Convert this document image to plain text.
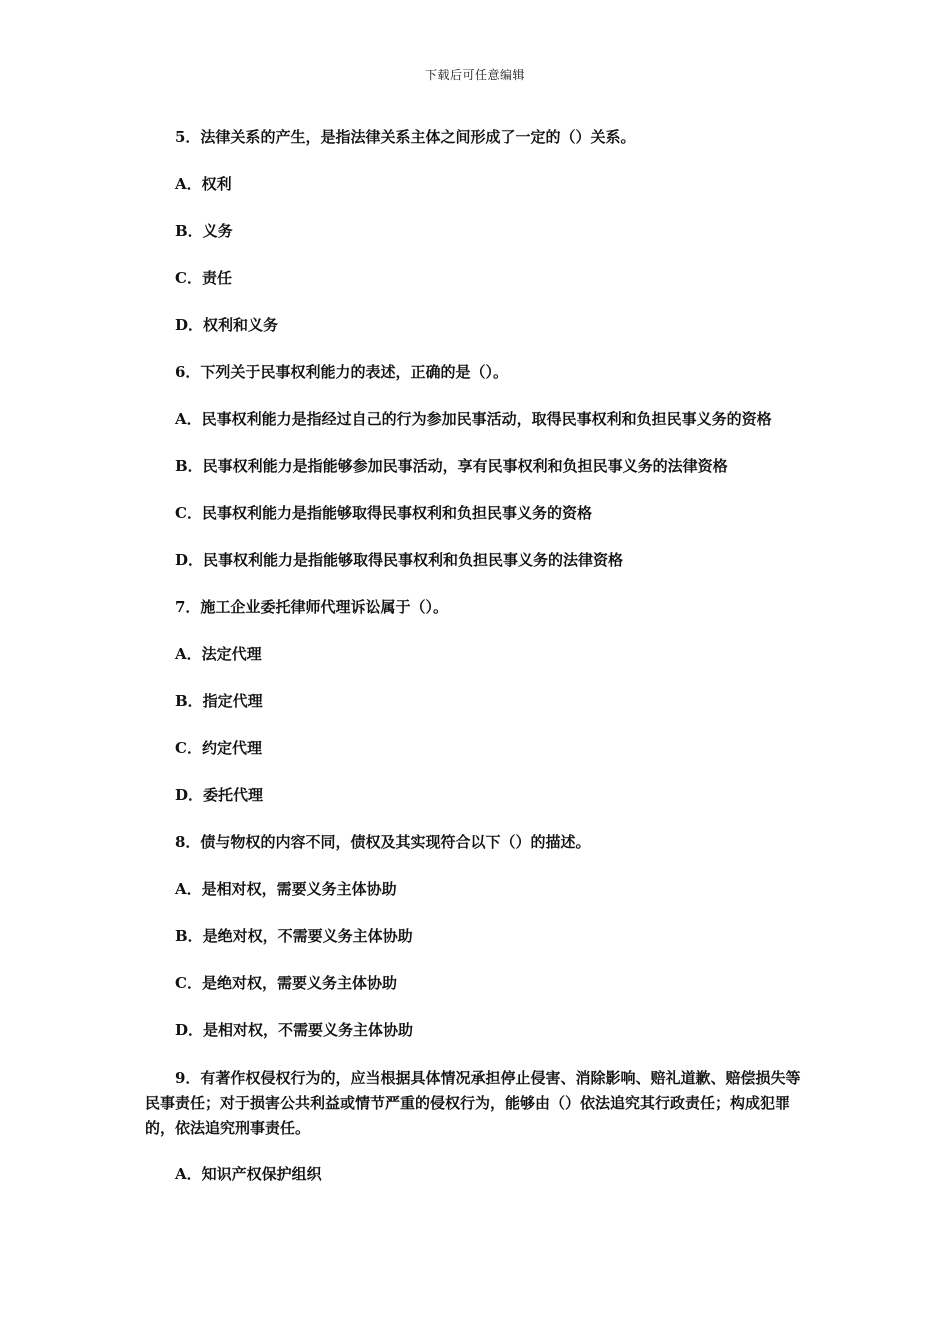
下载后可任意编辑
5．法律关系的产生，是指法律关系主体之间形成了一定的（）关系。
A．权利
B．义务
C．责任
D．权利和义务
6．下列关于民事权利能力的表述，正确的是（）。
A．民事权利能力是指经过自己的行为参加民事活动，取得民事权利和负担民事义务的资格
B．民事权利能力是指能够参加民事活动，享有民事权利和负担民事义务的法律资格
C．民事权利能力是指能够取得民事权利和负担民事义务的资格
D．民事权利能力是指能够取得民事权利和负担民事义务的法律资格
7．施工企业委托律师代理诉讼属于（）。
A．法定代理
B．指定代理
C．约定代理
D．委托代理
8．债与物权的内容不同，债权及其实现符合以下（）的描述。
A．是相对权，需要义务主体协助
B．是绝对权，不需要义务主体协助
C．是绝对权，需要义务主体协助
D．是相对权，不需要义务主体协助
9．有著作权侵权行为的，应当根据具体情况承担停止侵害、消除影响、赔礼道歉、赔偿损失等民事责任；对于损害公共利益或情节严重的侵权行为，能够由（）依法追究其行政责任；构成犯罪的，依法追究刑事责任。
A．知识产权保护组织
